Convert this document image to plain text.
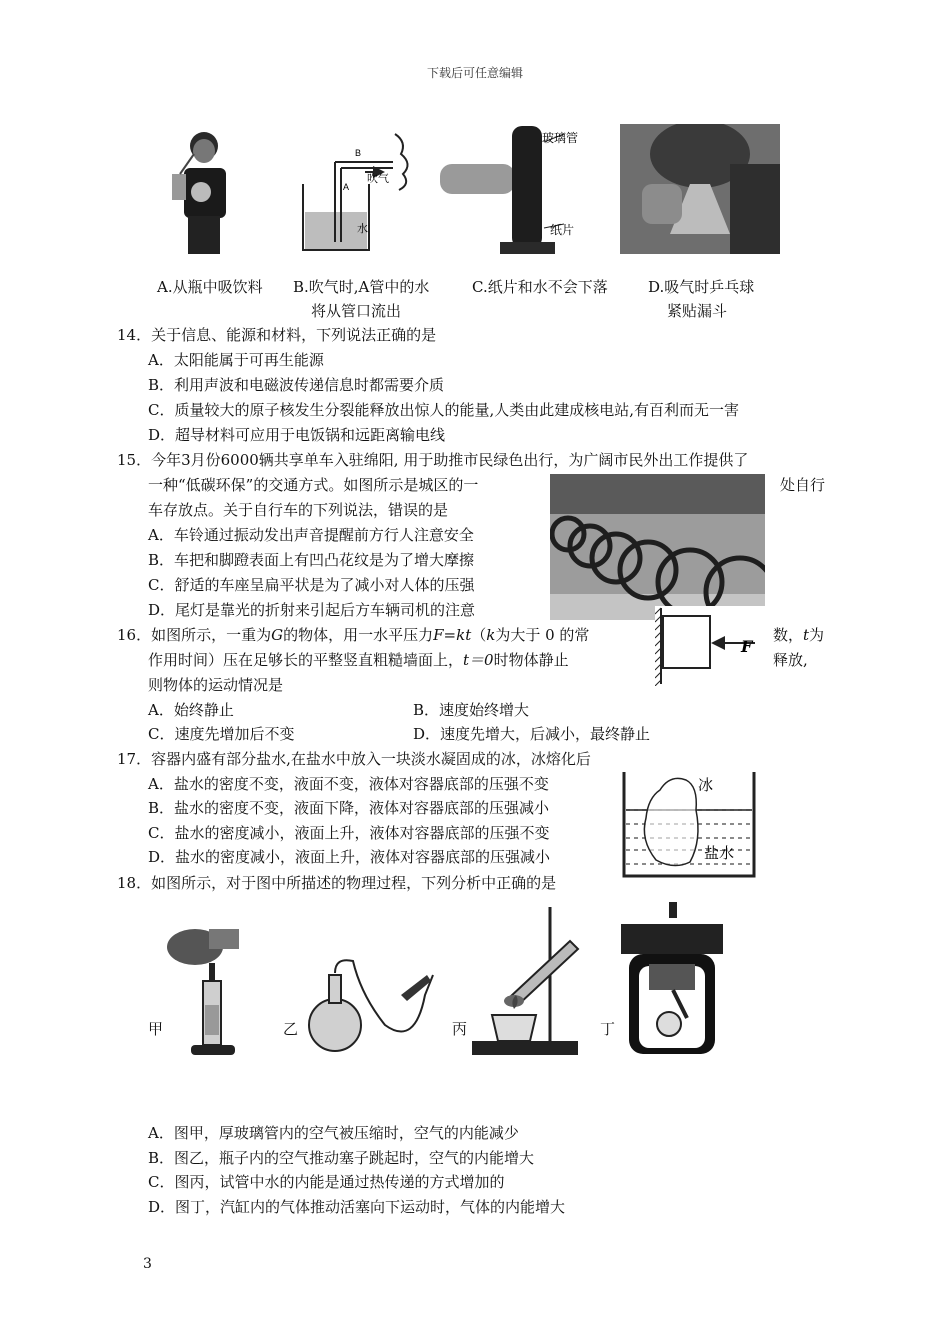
下载后可任意编辑
B
A
吹气
水
玻璃管
纸片
A.从瓶中吸饮料 B.吹气时,A管中的水
将从管口流出
C.纸片和水不会下落	D.吸气时乒乓球
紧贴漏斗
14．关于信息、能源和材料，下列说法正确的是
A．太阳能属于可再生能源
B．利用声波和电磁波传递信息时都需要介质
C．质量较大的原子核发生分裂能释放出惊人的能量,人类由此建成核电站,有百利而无一害
D．超导材料可应用于电饭锅和远距离输电线
15．今年3月份6000辆共享单车入驻绵阳, 用于助推市民绿色出行，为广阔市民外出工作提供了
一种“低碳环保”的交通方式。如图所示是城区的一	处自行
车存放点。关于自行车的下列说法，错误的是
A．车铃通过振动发出声音提醒前方行人注意安全
B．车把和脚蹬表面上有凹凸花纹是为了增大摩擦
C．舒适的车座呈扁平状是为了减小对人体的压强
D．尾灯是靠光的折射来引起后方车辆司机的注意
16．如图所示，一重为G的物体，用一水平压力F=kt（k为大于 0 的常	数，t为
作用时间）压在足够长的平整竖直粗糙墙面上，t＝0时物体静止	释放,
则物体的运动情况是
F
A．始终静止	B．速度始终增大
C．速度先增加后不变	D．速度先增大，后减小，最终静止
17．容器内盛有部分盐水,在盐水中放入一块淡水凝固成的冰，冰熔化后
A．盐水的密度不变，液面不变，液体对容器底部的压强不变
B．盐水的密度不变，液面下降，液体对容器底部的压强减小
C．盐水的密度减小，液面上升，液体对容器底部的压强不变
D．盐水的密度减小，液面上升，液体对容器底部的压强减小
冰
盐水
18．如图所示，对于图中所描述的物理过程，下列分析中正确的是
甲	乙	丙	丁
A．图甲，厚玻璃管内的空气被压缩时，空气的内能减少
B．图乙，瓶子内的空气推动塞子跳起时，空气的内能增大
C．图丙，试管中水的内能是通过热传递的方式增加的
D．图丁，汽缸内的气体推动活塞向下运动时，气体的内能增大
3
